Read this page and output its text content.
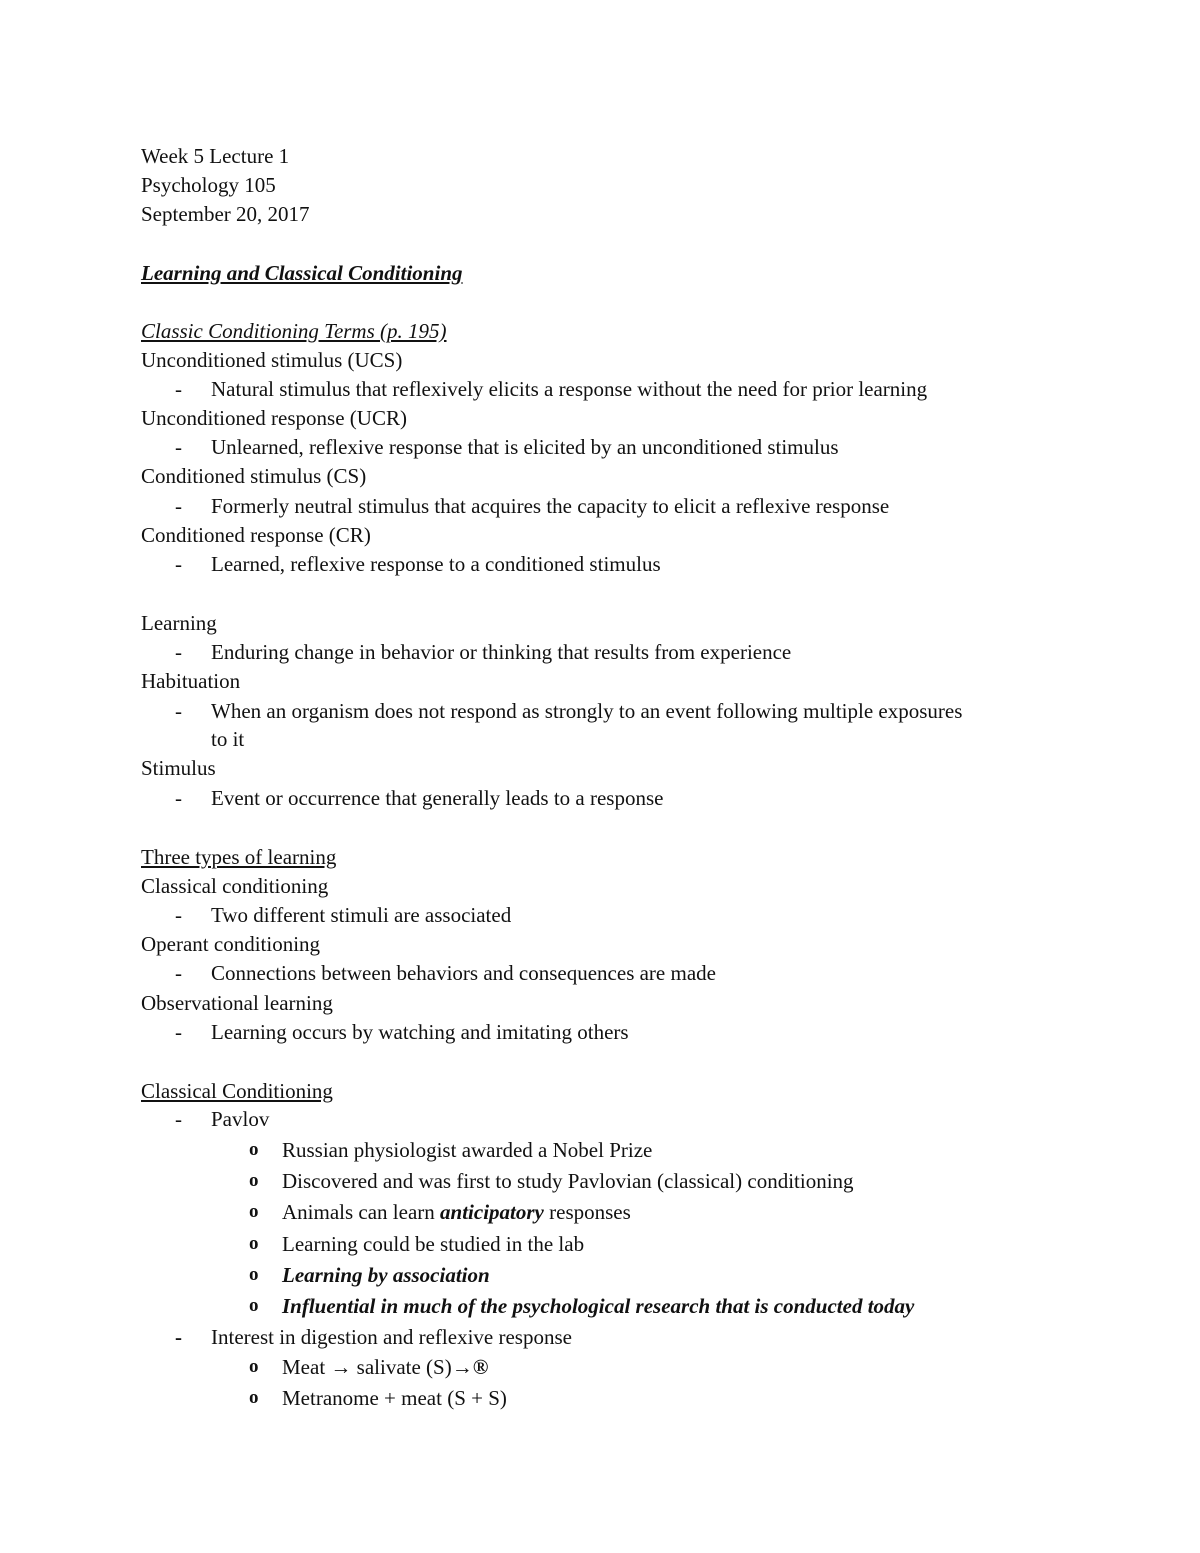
Week 5 Lecture 1
Psychology 105
September 20, 2017
Learning and Classical Conditioning
Classic Conditioning Terms (p. 195)
Unconditioned stimulus (UCS)
- Natural stimulus that reflexively elicits a response without the need for prior learning
Unconditioned response (UCR)
- Unlearned, reflexive response that is elicited by an unconditioned stimulus
Conditioned stimulus (CS)
- Formerly neutral stimulus that acquires the capacity to elicit a reflexive response
Conditioned response (CR)
- Learned, reflexive response to a conditioned stimulus
Learning
- Enduring change in behavior or thinking that results from experience
Habituation
- When an organism does not respond as strongly to an event following multiple exposures
to it
Stimulus
- Event or occurrence that generally leads to a response
Three types of learning
Classical conditioning
- Two different stimuli are associated
Operant conditioning
- Connections between behaviors and consequences are made
Observational learning
- Learning occurs by watching and imitating others
Classical Conditioning
- Pavlov
o Russian physiologist awarded a Nobel Prize
o Discovered and was first to study Pavlovian (classical) conditioning
o Animals can learn anticipatory responses
o Learning could be studied in the lab
o Learning by association
o Influential in much of the psychological research that is conducted today
- Interest in digestion and reflexive response
o Meat → salivate (S)→®
o Metranome + meat (S + S)
